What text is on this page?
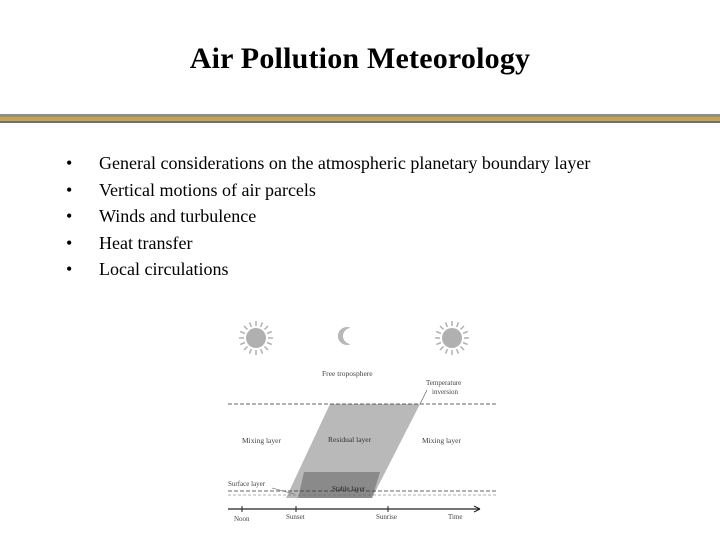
Air Pollution Meteorology
• General considerations on the atmospheric planetary boundary layer
• Vertical motions of air parcels
• Winds and turbulence
• Heat transfer
• Local circulations
Free troposphere
Temperature
inversion
Mixing layer	Residual layer	Mixing layer
Surface layer
Stable layer
Noon	Sunset	Sunrise	Time
